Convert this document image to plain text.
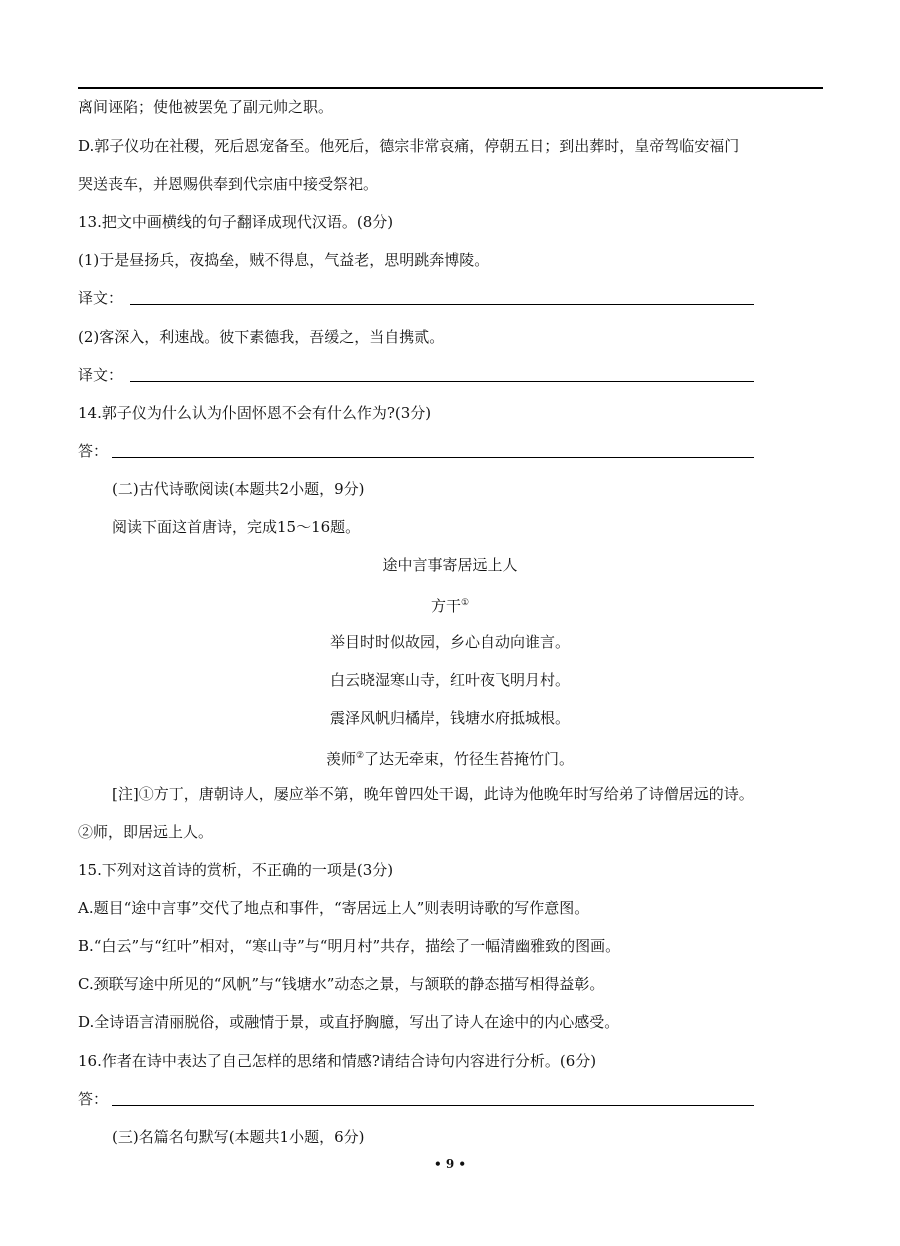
离间诬陷；使他被罢免了副元帅之职。
D.郭子仪功在社稷，死后恩宠备至。他死后，德宗非常哀痛，停朝五日；到出葬时，皇帝驾临安福门
哭送丧车，并恩赐供奉到代宗庙中接受祭祀。
13.把文中画横线的句子翻译成现代汉语。(8分)
(1)于是昼扬兵，夜捣垒，贼不得息，气益老，思明跳奔博陵。
译文：
(2)客深入，利速战。彼下素德我，吾缓之，当自携贰。
译文：
14.郭子仪为什么认为仆固怀恩不会有什么作为?(3分)
答：
(二)古代诗歌阅读(本题共2小题，9分)
阅读下面这首唐诗，完成15～16题。
途中言事寄居远上人
方干①
举目时时似故园，乡心自动向谁言。
白云晓湿寒山寺，红叶夜飞明月村。
震泽风帆归橘岸，钱塘水府抵城根。
羡师②了达无牵束，竹径生苔掩竹门。
[注]①方丁，唐朝诗人，屡应举不第，晚年曾四处干谒，此诗为他晚年时写给弟了诗僧居远的诗。
②师，即居远上人。
15.下列对这首诗的赏析，不正确的一项是(3分)
A.题目“途中言事”交代了地点和事件，“寄居远上人”则表明诗歌的写作意图。
B.“白云”与“红叶”相对，“寒山寺”与“明月村”共存，描绘了一幅清幽雅致的图画。
C.颈联写途中所见的“风帆”与“钱塘水”动态之景，与颔联的静态描写相得益彰。
D.全诗语言清丽脱俗，或融情于景，或直抒胸臆，写出了诗人在途中的内心感受。
16.作者在诗中表达了自己怎样的思绪和情感?请结合诗句内容进行分析。(6分)
答：
(三)名篇名句默写(本题共1小题，6分)
• 9 •
